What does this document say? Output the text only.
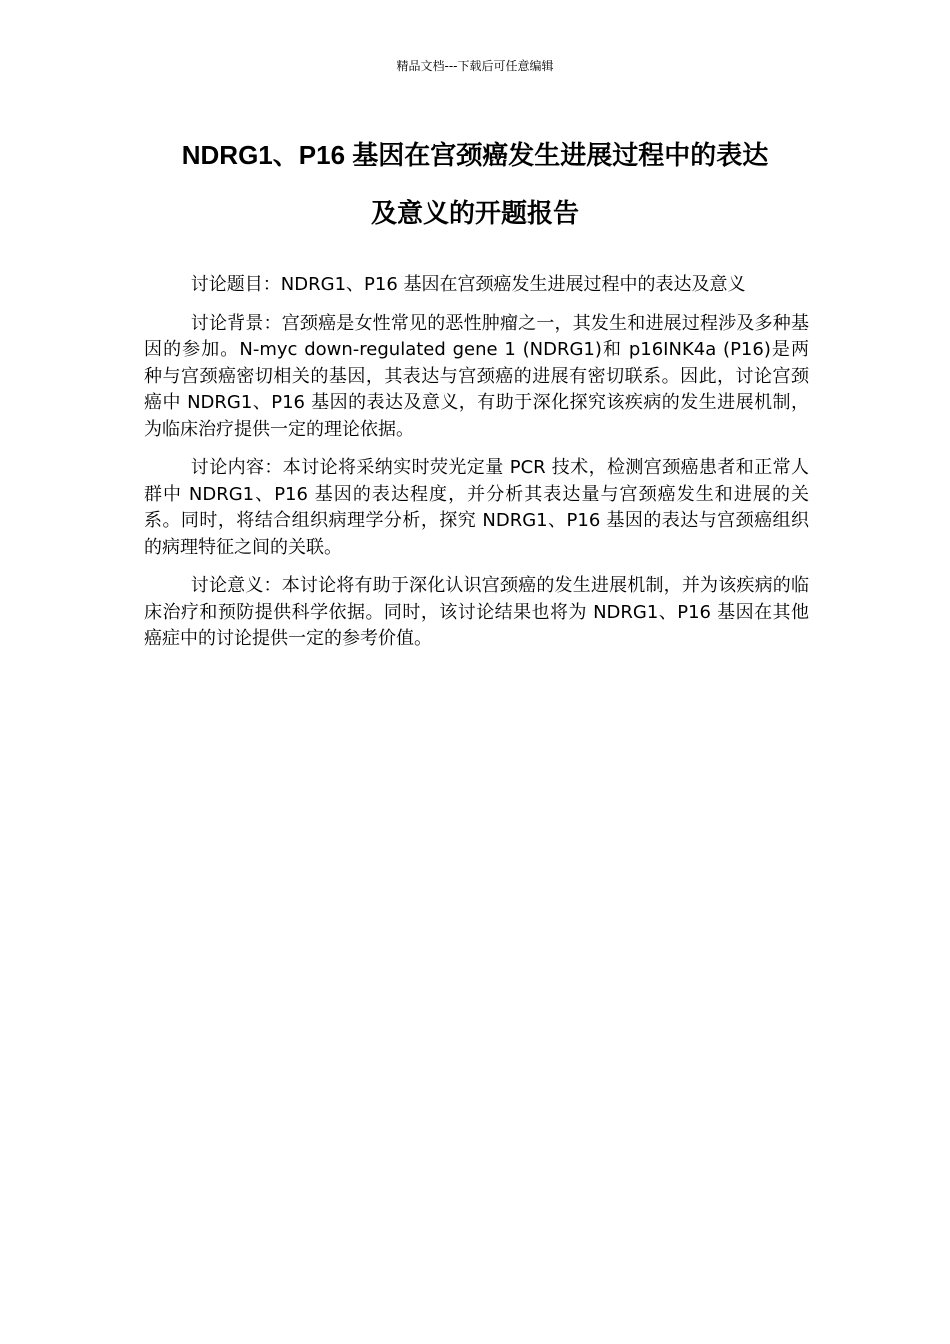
精品文档---下载后可任意编辑
NDRG1、P16 基因在宫颈癌发生进展过程中的表达
及意义的开题报告

讨论题目：NDRG1、P16 基因在宫颈癌发生进展过程中的表达及意义

讨论背景：宫颈癌是女性常见的恶性肿瘤之一，其发生和进展过程涉及多种基因的参加。N-myc down-regulated gene 1 (NDRG1)和 p16INK4a (P16)是两种与宫颈癌密切相关的基因，其表达与宫颈癌的进展有密切联系。因此，讨论宫颈癌中 NDRG1、P16 基因的表达及意义，有助于深化探究该疾病的发生进展机制，为临床治疗提供一定的理论依据。

讨论内容：本讨论将采纳实时荧光定量 PCR 技术，检测宫颈癌患者和正常人群中 NDRG1、P16 基因的表达程度，并分析其表达量与宫颈癌发生和进展的关系。同时，将结合组织病理学分析，探究 NDRG1、P16 基因的表达与宫颈癌组织的病理特征之间的关联。

讨论意义：本讨论将有助于深化认识宫颈癌的发生进展机制，并为该疾病的临床治疗和预防提供科学依据。同时，该讨论结果也将为 NDRG1、P16 基因在其他癌症中的讨论提供一定的参考价值。
